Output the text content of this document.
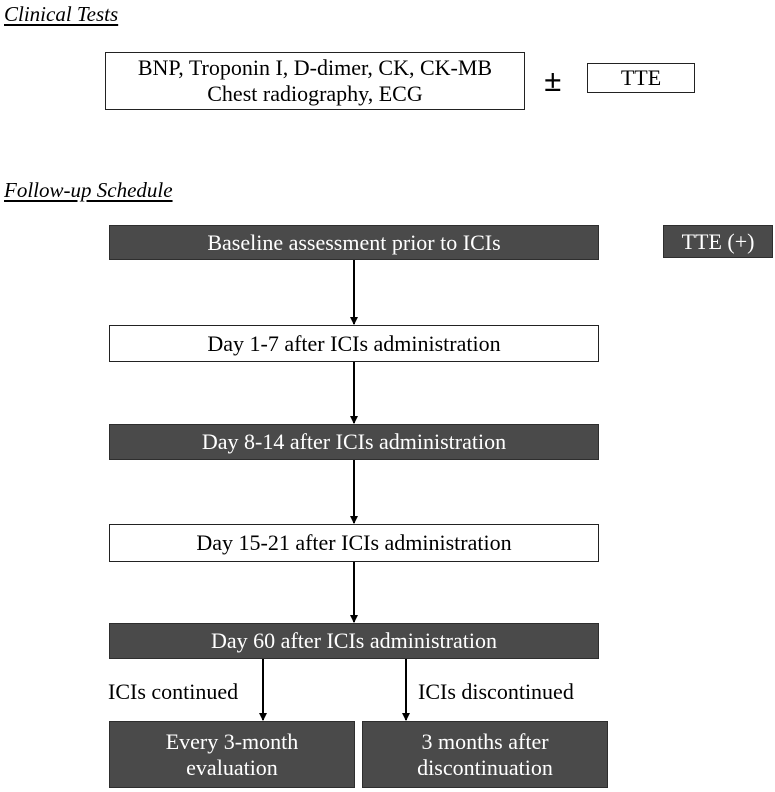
Clinical Tests
BNP, Troponin I, D-dimer, CK, CK-MB
Chest radiography, ECG	±	TTE
Follow-up Schedule
TTE (+)
Baseline assessment prior to ICIs
Day 1-7 after ICIs administration
Day 8-14 after ICIs administration
Day 15-21 after ICIs administration
Day 60 after ICIs administration
ICIs continued	ICIs discontinued
Every 3-month
evaluation
3 months after
discontinuation
